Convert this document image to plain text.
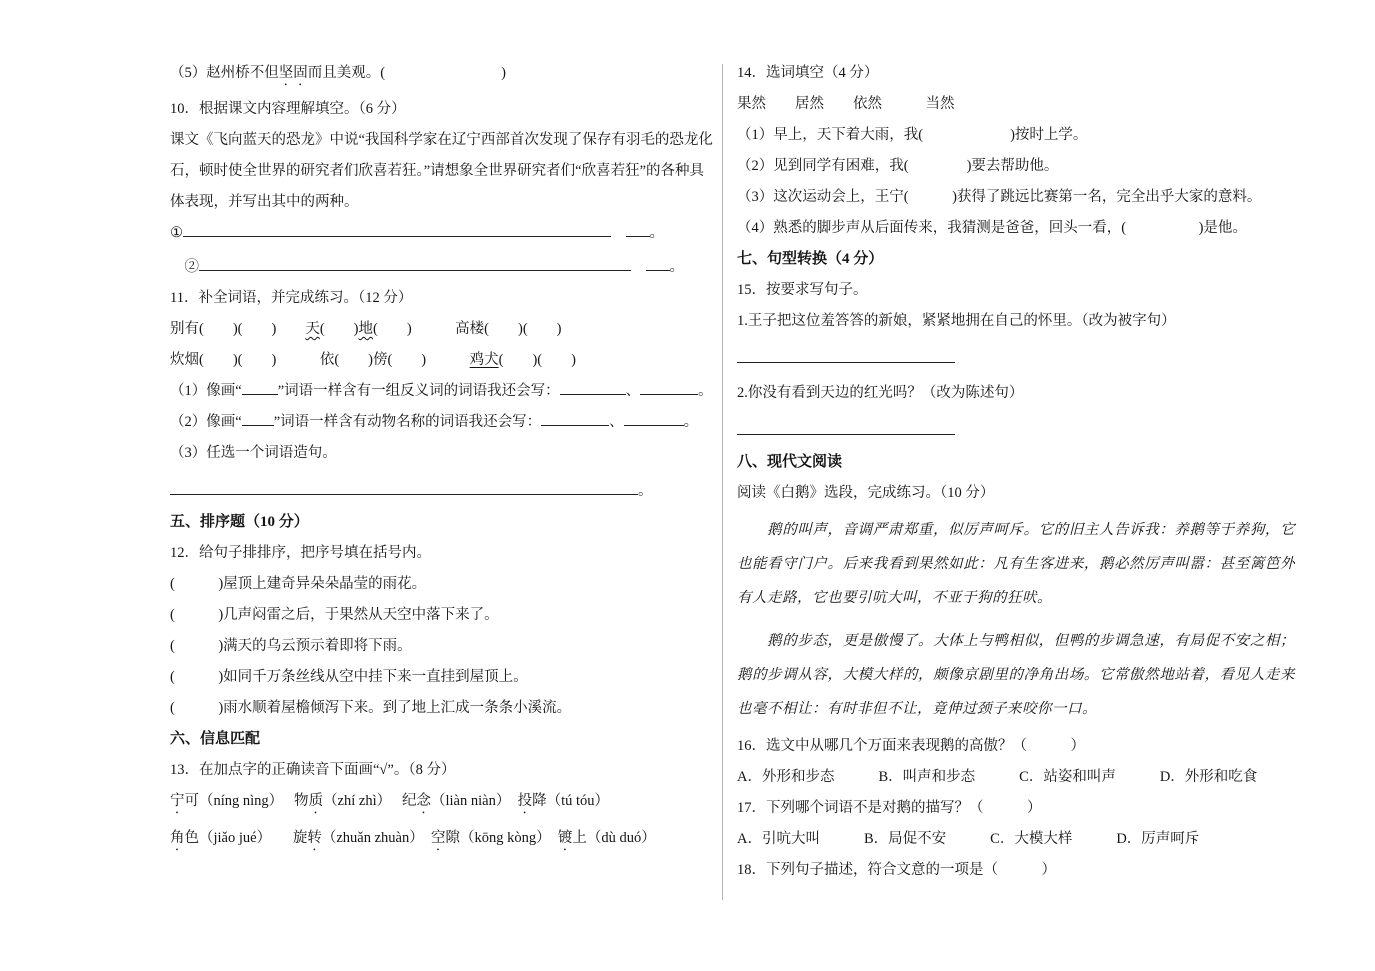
（5）赵州桥不但坚固而且美观。(　　　　　　　　)
10．根据课文内容理解填空。（6 分）
课文《飞向蓝天的恐龙》中说“我国科学家在辽宁西部首次发现了保存有羽毛的恐龙化
石，顿时使全世界的研究者们欣喜若狂。”请想象全世界研究者们“欣喜若狂”的各种具
体表现，并写出其中的两种。
①　	。
　②　	。
11．补全词语，并完成练习。（12 分）
别有(　　)(　　)　　天(　　)地(　　)　　　高楼(　　)(　　)
炊烟(　　)(　　)　　　依(　　)傍(　　)　　　鸡犬(　　)(　　)
（1）像画“ ”词语一样含有一组反义词的词语我还会写：	、	。
（2）像画“ ”词语一样含有动物名称的词语我还会写：	、	。
（3）任选一个词语造句。
。
五、排序题（10 分）
12．给句子排排序，把序号填在括号内。
(　　　)屋顶上建奇异朵朵晶莹的雨花。
(　　　)几声闷雷之后，于果然从天空中落下来了。
(　　　)满天的乌云预示着即将下雨。
(　　　)如同千万条丝线从空中挂下来一直挂到屋顶上。
(　　　)雨水顺着屋檐倾泻下来。到了地上汇成一条条小溪流。
六、信息匹配
13．在加点字的正确读音下面画“√”。（8 分）
宁可（níng nìng）　 物质（zhí zhì）　 纪念（liàn niàn）　投降（tú tóu）
角色（jiǎo jué）　　旋转（zhuǎn zhuàn）　空隙（kōng kòng）　镀上（dù duó）
14．选词填空（4 分）
果然　　居然　　依然　　　当然
（1）早上，天下着大雨，我(　　　　　　)按时上学。
（2）见到同学有困难，我(　　　　)要去帮助他。
（3）这次运动会上，王宁(　　　)获得了跳远比赛第一名，完全出乎大家的意料。
（4）熟悉的脚步声从后面传来，我猜测是爸爸，回头一看，(　　　　　)是他。
七、句型转换（4 分）
15．按要求写句子。
1.王子把这位羞答答的新娘，紧紧地拥在自己的怀里。（改为被字句）
2.你没有看到天边的红光吗？（改为陈述句）
八、现代文阅读
阅读《白鹅》选段，完成练习。（10 分）
　　鹅的叫声，音调严肃郑重，似厉声呵斥。它的旧主人告诉我：养鹅等于养狗，它也能看守门户。后来我看到果然如此：凡有生客进来，鹅必然厉声叫嚣：甚至篱笆外有人走路，它也要引吭大叫，不亚于狗的狂吠。
　　鹅的步态，更是傲慢了。大体上与鸭相似，但鸭的步调急速，有局促不安之相；鹅的步调从容，大模大样的，颇像京剧里的净角出场。它常傲然地站着，看见人走来也毫不相让：有时非但不让，竟伸过颈子来咬你一口。
16．选文中从哪几个万面来表现鹅的高傲？（　　　）
A．外形和步态	B．叫声和步态	C．站姿和叫声	D．外形和吃食
17．下列哪个词语不是对鹅的描写？（　　　）
A．引吭大叫	B．局促不安	C．大模大样	D．厉声呵斥
18．下列句子描述，符合文意的一项是（　　　）
